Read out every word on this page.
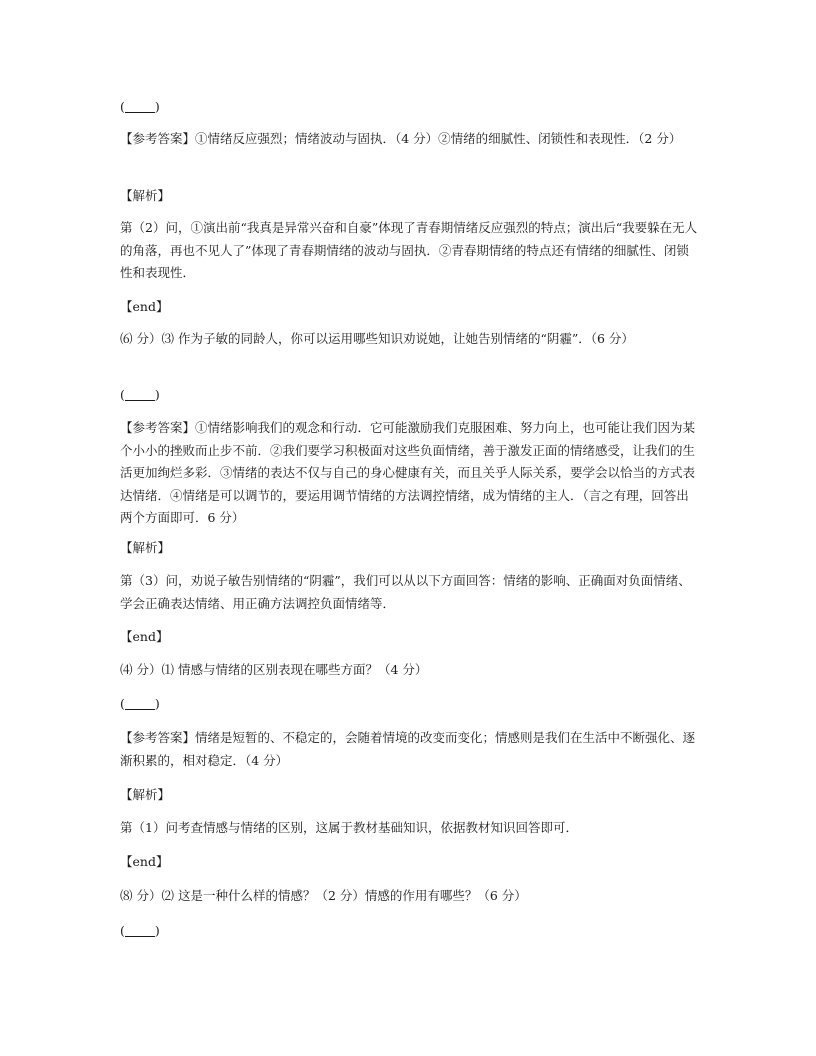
( )

【参考答案】①情绪反应强烈；情绪波动与固执．（4 分）②情绪的细腻性、闭锁性和表现性．（2 分）

【解析】

第（2）问，①演出前“我真是异常兴奋和自豪”体现了青春期情绪反应强烈的特点；演出后“我要躲在无人的角落，再也不见人了”体现了青春期情绪的波动与固执．②青春期情绪的特点还有情绪的细腻性、闭锁性和表现性．

【end】

⑹ 分）⑶ 作为子敏的同龄人，你可以运用哪些知识劝说她，让她告别情绪的“阴霾”．（6 分）

( )

【参考答案】①情绪影响我们的观念和行动．它可能激励我们克服困难、努力向上，也可能让我们因为某个小小的挫败而止步不前．②我们要学习积极面对这些负面情绪，善于激发正面的情绪感受，让我们的生活更加绚烂多彩．③情绪的表达不仅与自己的身心健康有关，而且关乎人际关系，要学会以恰当的方式表达情绪．④情绪是可以调节的，要运用调节情绪的方法调控情绪，成为情绪的主人．（言之有理，回答出两个方面即可．6 分）

【解析】

第（3）问，劝说子敏告别情绪的“阴霾”，我们可以从以下方面回答：情绪的影响、正确面对负面情绪、学会正确表达情绪、用正确方法调控负面情绪等．

【end】

⑷ 分）⑴ 情感与情绪的区别表现在哪些方面？（4 分）

( )

【参考答案】情绪是短暂的、不稳定的，会随着情境的改变而变化；情感则是我们在生活中不断强化、逐渐积累的，相对稳定．（4 分）

【解析】

第（1）问考查情感与情绪的区别，这属于教材基础知识，依据教材知识回答即可．

【end】

⑻ 分）⑵ 这是一种什么样的情感？（2 分）情感的作用有哪些？（6 分）

( )
